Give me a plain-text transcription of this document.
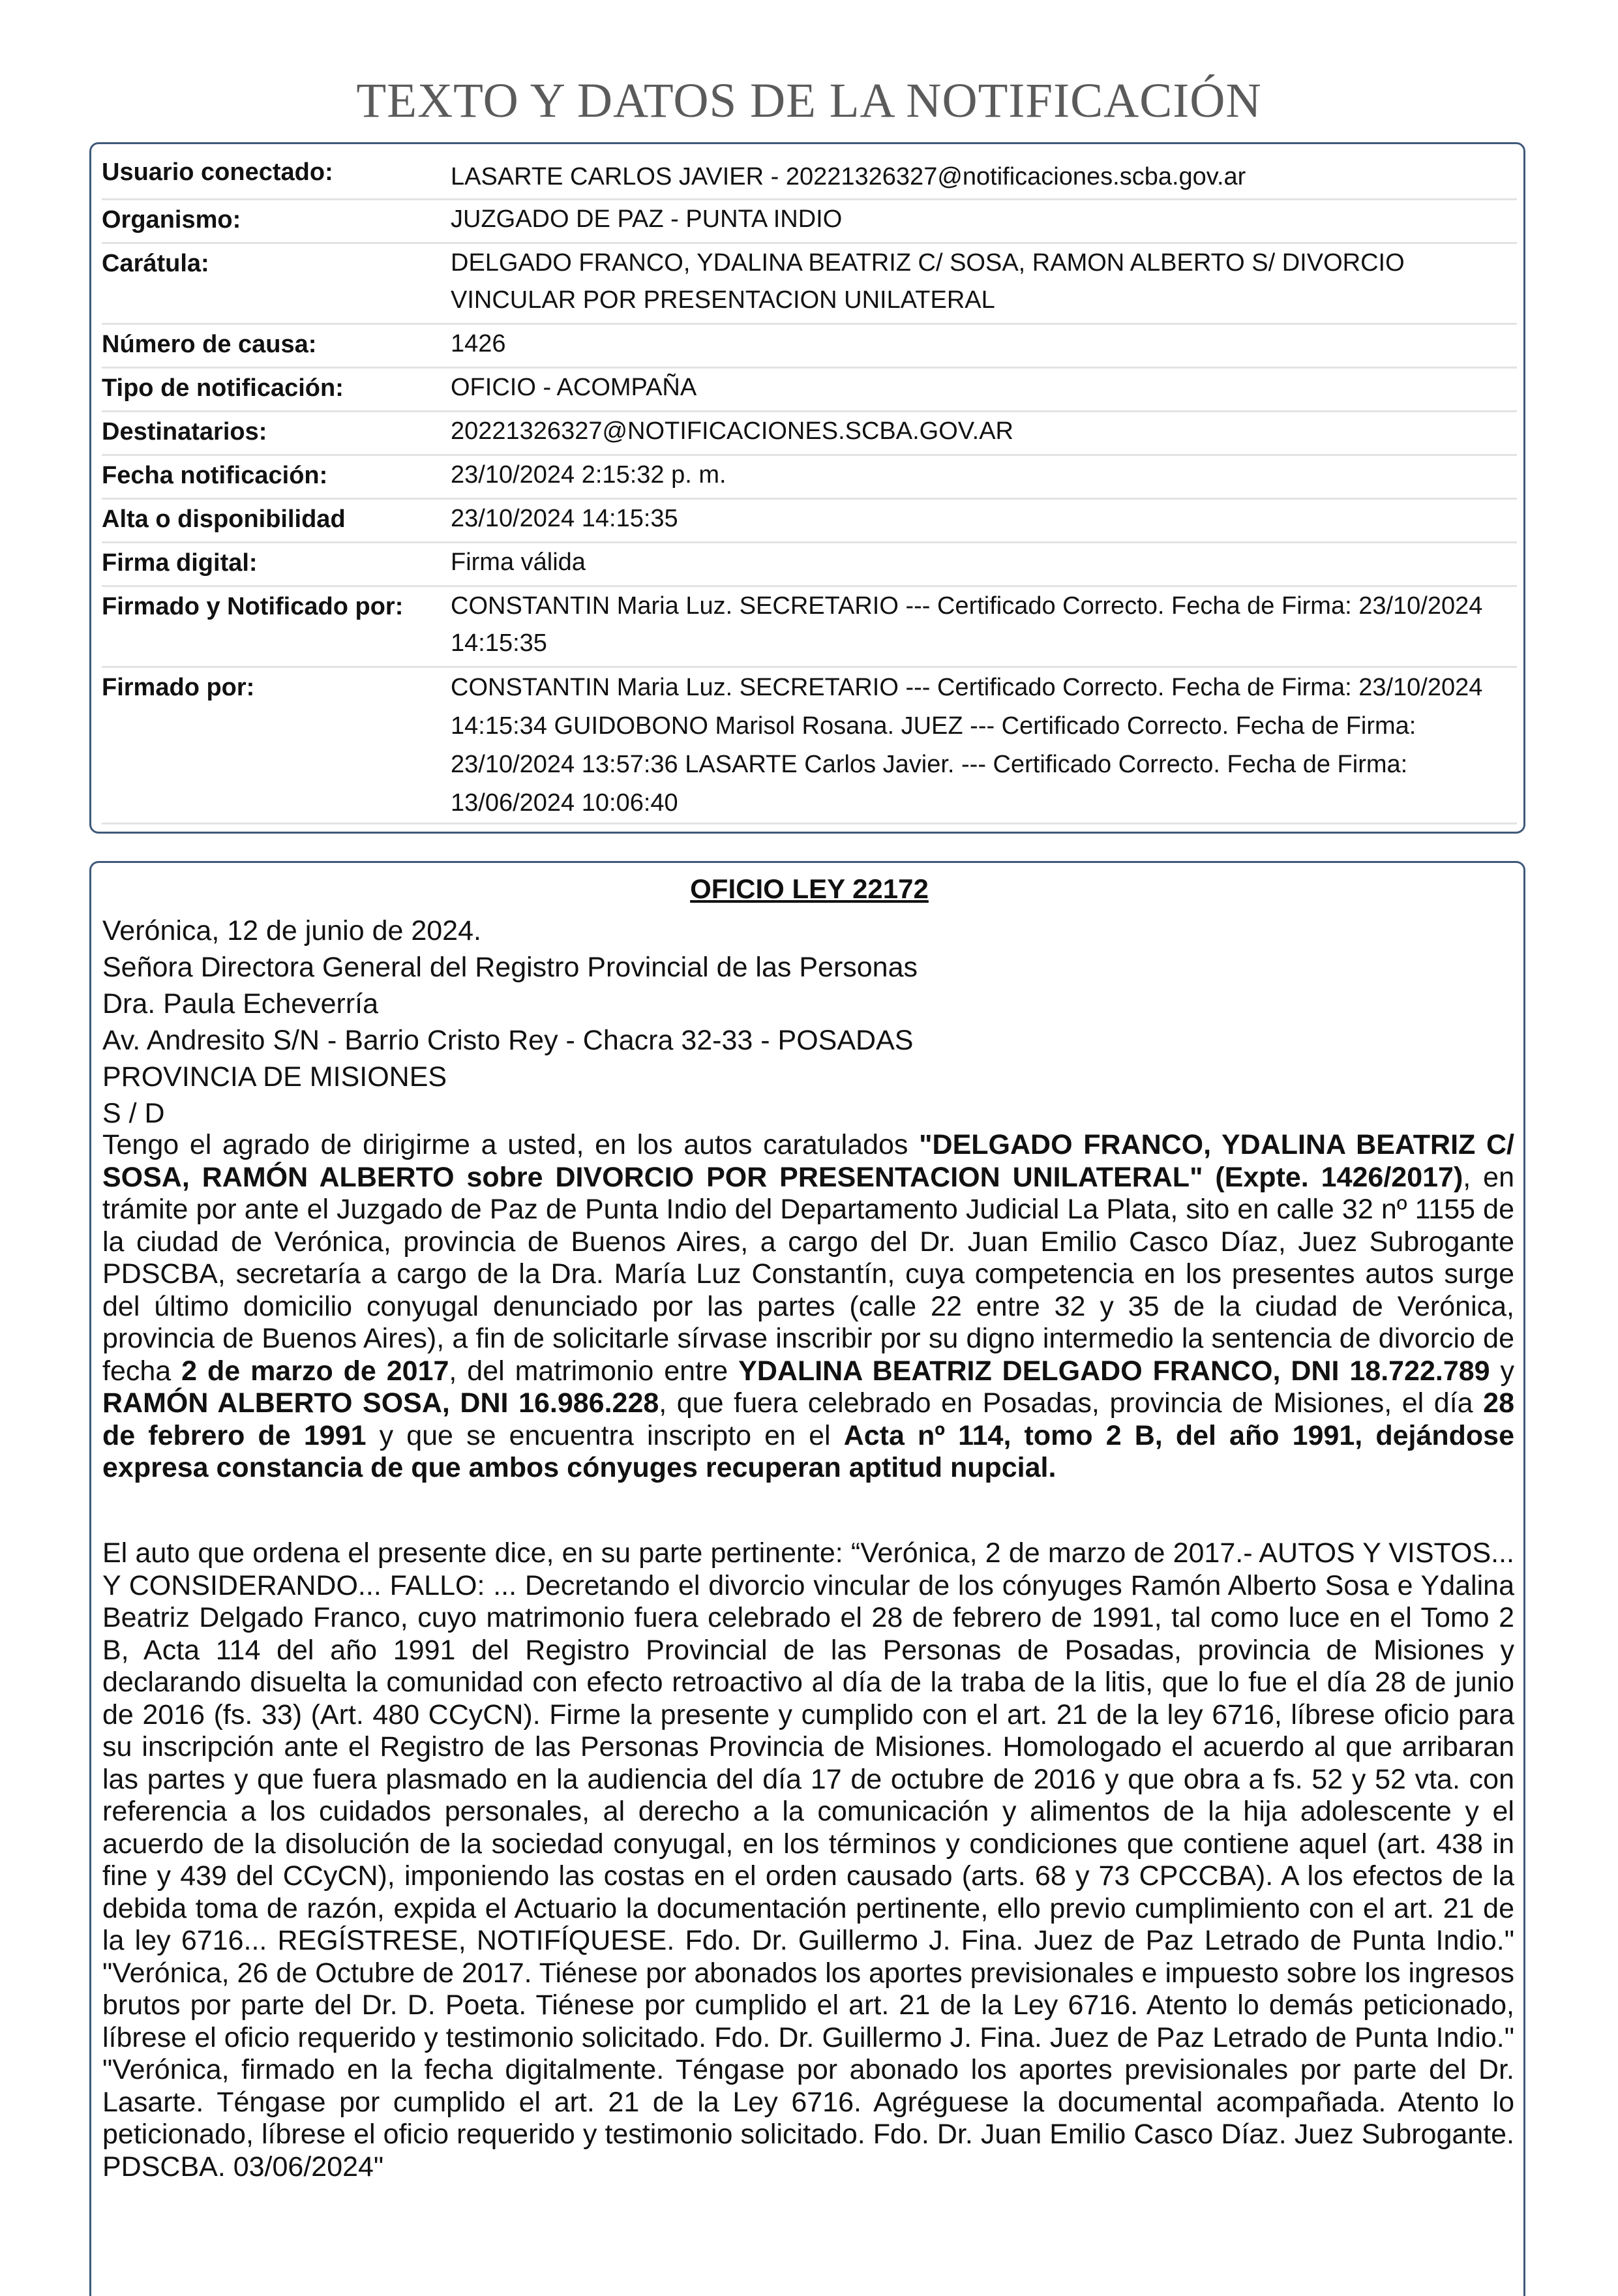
TEXTO Y DATOS DE LA NOTIFICACIÓN
Usuario conectado:	LASARTE CARLOS JAVIER - 20221326327@notificaciones.scba.gov.ar
Organismo:	JUZGADO DE PAZ - PUNTA INDIO
Carátula:	DELGADO FRANCO, YDALINA BEATRIZ C/ SOSA, RAMON ALBERTO S/ DIVORCIO VINCULAR POR PRESENTACION UNILATERAL
Número de causa:	1426
Tipo de notificación:	OFICIO - ACOMPAÑA
Destinatarios:	20221326327@NOTIFICACIONES.SCBA.GOV.AR
Fecha notificación:	23/10/2024 2:15:32 p. m.
Alta o disponibilidad	23/10/2024 14:15:35
Firma digital:	Firma válida
Firmado y Notificado por: CONSTANTIN Maria Luz. SECRETARIO --- Certificado Correcto. Fecha de Firma: 23/10/2024 14:15:35
Firmado por:	CONSTANTIN Maria Luz. SECRETARIO --- Certificado Correcto. Fecha de Firma: 23/10/2024 14:15:34 GUIDOBONO Marisol Rosana. JUEZ --- Certificado Correcto. Fecha de Firma: 23/10/2024 13:57:36 LASARTE Carlos Javier. --- Certificado Correcto. Fecha de Firma: 13/06/2024 10:06:40
OFICIO LEY 22172
Verónica, 12 de junio de 2024.
Señora Directora General del Registro Provincial de las Personas
Dra. Paula Echeverría
Av. Andresito S/N - Barrio Cristo Rey - Chacra 32-33 - POSADAS
PROVINCIA DE MISIONES
S / D
Tengo el agrado de dirigirme a usted, en los autos caratulados "DELGADO FRANCO, YDALINA BEATRIZ C/ SOSA, RAMÓN ALBERTO sobre DIVORCIO POR PRESENTACION UNILATERAL" (Expte. 1426/2017), en trámite por ante el Juzgado de Paz de Punta Indio del Departamento Judicial La Plata, sito en calle 32 nº 1155 de la ciudad de Verónica, provincia de Buenos Aires, a cargo del Dr. Juan Emilio Casco Díaz, Juez Subrogante PDSCBA, secretaría a cargo de la Dra. María Luz Constantín, cuya competencia en los presentes autos surge del último domicilio conyugal denunciado por las partes (calle 22 entre 32 y 35 de la ciudad de Verónica, provincia de Buenos Aires), a fin de solicitarle sírvase inscribir por su digno intermedio la sentencia de divorcio de fecha 2 de marzo de 2017, del matrimonio entre YDALINA BEATRIZ DELGADO FRANCO, DNI 18.722.789 y RAMÓN ALBERTO SOSA, DNI 16.986.228, que fuera celebrado en Posadas, provincia de Misiones, el día 28 de febrero de 1991 y que se encuentra inscripto en el Acta nº 114, tomo 2 B, del año 1991, dejándose expresa constancia de que ambos cónyuges recuperan aptitud nupcial.
El auto que ordena el presente dice, en su parte pertinente: “Verónica, 2 de marzo de 2017.- AUTOS Y VISTOS... Y CONSIDERANDO... FALLO: ... Decretando el divorcio vincular de los cónyuges Ramón Alberto Sosa e Ydalina Beatriz Delgado Franco, cuyo matrimonio fuera celebrado el 28 de febrero de 1991, tal como luce en el Tomo 2 B, Acta 114 del año 1991 del Registro Provincial de las Personas de Posadas, provincia de Misiones y declarando disuelta la comunidad con efecto retroactivo al día de la traba de la litis, que lo fue el día 28 de junio de 2016 (fs. 33) (Art. 480 CCyCN). Firme la presente y cumplido con el art. 21 de la ley 6716, líbrese oficio para su inscripción ante el Registro de las Personas Provincia de Misiones. Homologado el acuerdo al que arribaran las partes y que fuera plasmado en la audiencia del día 17 de octubre de 2016 y que obra a fs. 52 y 52 vta. con referencia a los cuidados personales, al derecho a la comunicación y alimentos de la hija adolescente y el acuerdo de la disolución de la sociedad conyugal, en los términos y condiciones que contiene aquel (art. 438 in fine y 439 del CCyCN), imponiendo las costas en el orden causado (arts. 68 y 73 CPCCBA). A los efectos de la debida toma de razón, expida el Actuario la documentación pertinente, ello previo cumplimiento con el art. 21 de la ley 6716... REGÍSTRESE, NOTIFÍQUESE. Fdo. Dr. Guillermo J. Fina. Juez de Paz Letrado de Punta Indio." "Verónica, 26 de Octubre de 2017. Tiénese por abonados los aportes previsionales e impuesto sobre los ingresos brutos por parte del Dr. D. Poeta. Tiénese por cumplido el art. 21 de la Ley 6716. Atento lo demás peticionado, líbrese el oficio requerido y testimonio solicitado. Fdo. Dr. Guillermo J. Fina. Juez de Paz Letrado de Punta Indio." "Verónica, firmado en la fecha digitalmente. Téngase por abonado los aportes previsionales por parte del Dr. Lasarte. Téngase por cumplido el art. 21 de la Ley 6716. Agréguese la documental acompañada. Atento lo peticionado, líbrese el oficio requerido y testimonio solicitado. Fdo. Dr. Juan Emilio Casco Díaz. Juez Subrogante. PDSCBA. 03/06/2024"
